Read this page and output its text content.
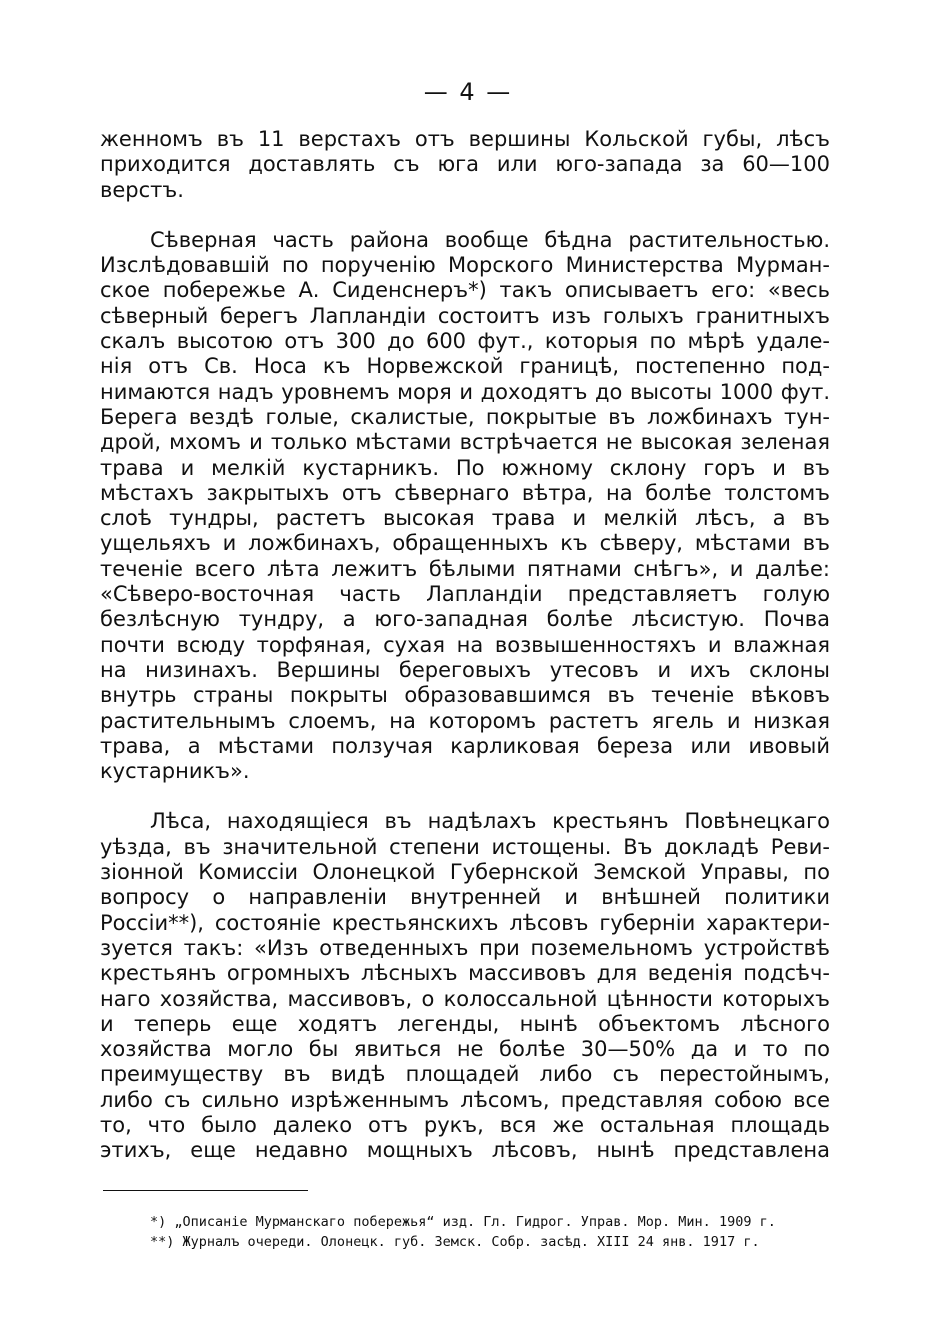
— 4 —
женномъ въ 11 верстахъ отъ вершины Кольской губы, лѣсъ
приходится доставлять съ юга или юго-запада за 60—100
верстъ.
Сѣверная часть района вообще бѣдна растительностью.
Изслѣдовавшій по порученію Морского Министерства Мурман-
ское побережье А. Сиденснеръ*) такъ описываетъ его: «весь
сѣверный берегъ Лапландіи состоитъ изъ голыхъ гранитныхъ
скалъ высотою отъ 300 до 600 фут., которыя по мѣрѣ удале-
нія отъ Св. Носа къ Норвежской границѣ, постепенно под-
нимаются надъ уровнемъ моря и доходятъ до высоты 1000 фут.
Берега вездѣ голые, скалистые, покрытые въ ложбинахъ тун-
дрой, мхомъ и только мѣстами встрѣчается не высокая зеленая
трава и мелкій кустарникъ. По южному склону горъ и въ
мѣстахъ закрытыхъ отъ сѣвернаго вѣтра, на болѣе толстомъ
слоѣ тундры, растетъ высокая трава и мелкій лѣсъ, а въ
ущельяхъ и ложбинахъ, обращенныхъ къ сѣверу, мѣстами въ
теченіе всего лѣта лежитъ бѣлыми пятнами снѣгъ», и далѣе:
«Сѣверо-восточная часть Лапландіи представляетъ голую
безлѣсную тундру, а юго-западная болѣе лѣсистую. Почва
почти всюду торфяная, сухая на возвышенностяхъ и влажная
на низинахъ. Вершины береговыхъ утесовъ и ихъ склоны
внутрь страны покрыты образовавшимся въ теченіе вѣковъ
растительнымъ слоемъ, на которомъ растетъ ягель и низкая
трава, а мѣстами ползучая карликовая береза или ивовый
кустарникъ».
Лѣса, находящіеся въ надѣлахъ крестьянъ Повѣнецкаго
уѣзда, въ значительной степени истощены. Въ докладѣ Реви-
зіонной Комиссіи Олонецкой Губернской Земской Управы, по
вопросу о направленіи внутренней и внѣшней политики
Россіи**), состояніе крестьянскихъ лѣсовъ губерніи характери-
зуется такъ: «Изъ отведенныхъ при поземельномъ устройствѣ
крестьянъ огромныхъ лѣсныхъ массивовъ для веденія подсѣч-
наго хозяйства, массивовъ, о колоссальной цѣнности которыхъ
и теперь еще ходятъ легенды, нынѣ объектомъ лѣсного
хозяйства могло бы явиться не болѣе 30—50% да и то по
преимуществу въ видѣ площадей либо съ перестойнымъ,
либо съ сильно изрѣженнымъ лѣсомъ, представляя собою все
то, что было далеко отъ рукъ, вся же остальная площадь
этихъ, еще недавно мощныхъ лѣсовъ, нынѣ представлена
*) „Описаніе Мурманскаго побережья“ изд. Гл. Гидрог. Управ. Мор. Мин. 1909 г.
**) Журналъ очереди. Олонецк. губ. Земск. Собр. засѣд. XIII 24 янв. 1917 г.
